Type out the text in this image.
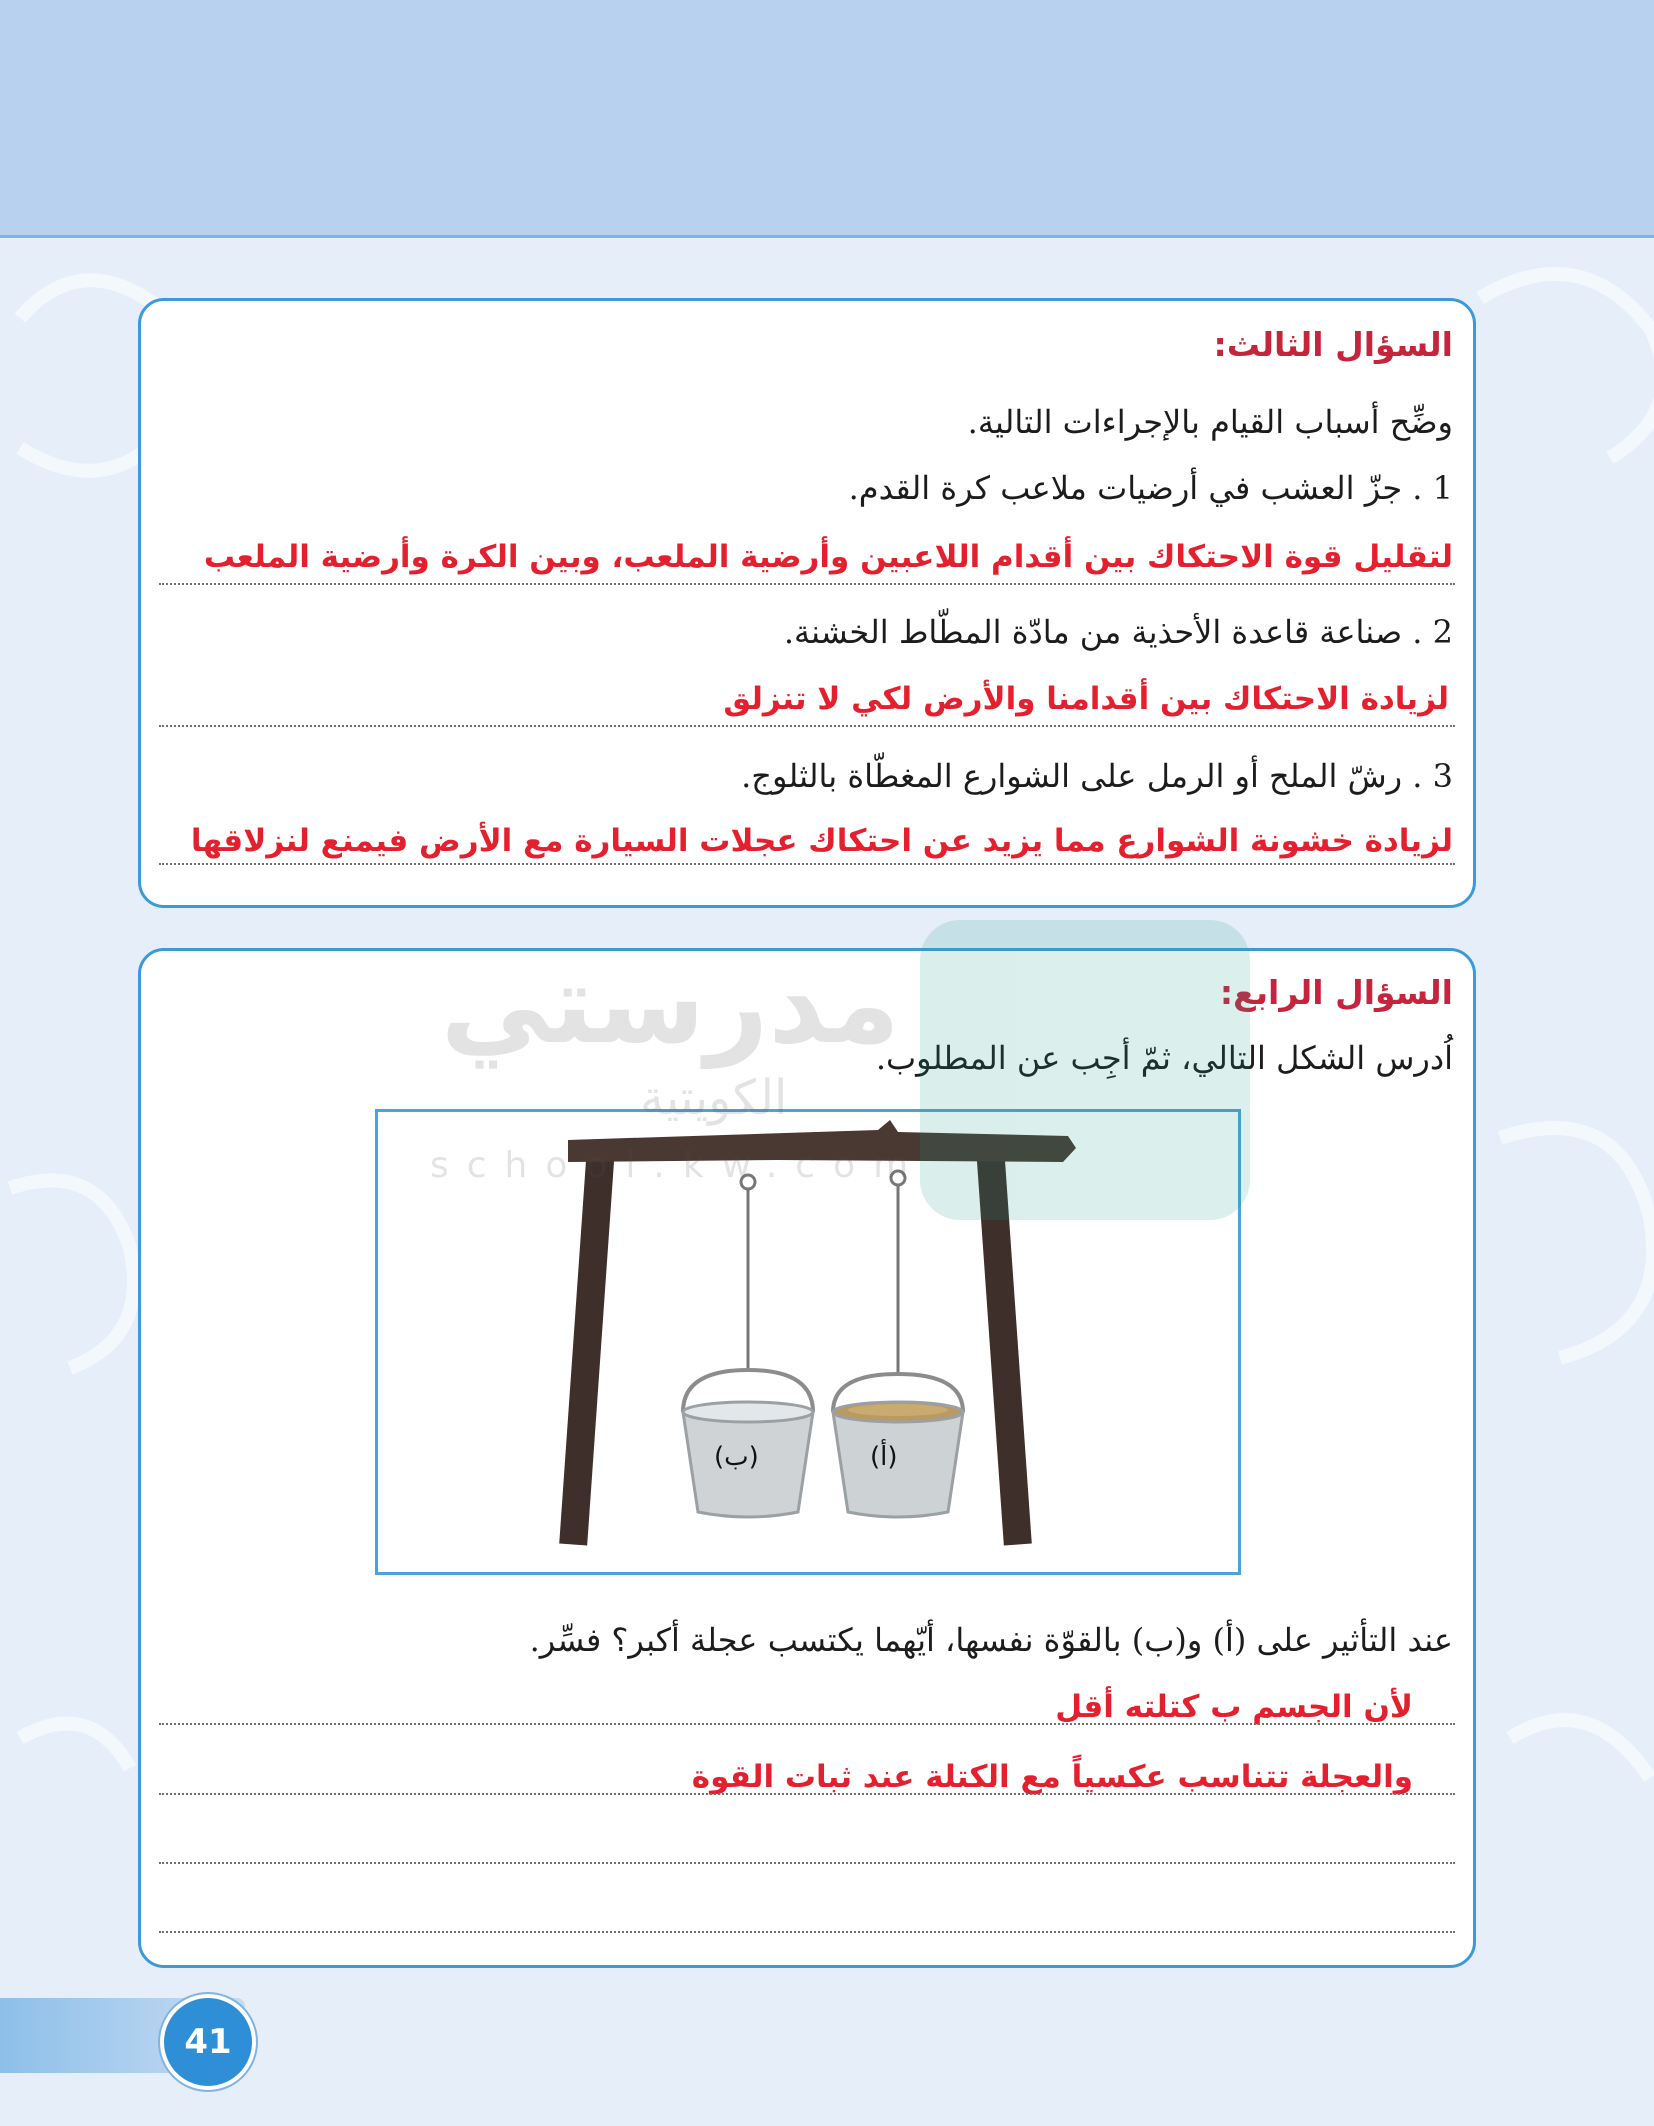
السؤال الثالث:
وضِّح أسباب القيام بالإجراءات التالية.
1 . جزّ العشب في أرضيات ملاعب كرة القدم.
لتقليل قوة الاحتكاك بين أقدام اللاعبين وأرضية الملعب، وبين الكرة وأرضية الملعب
2 . صناعة قاعدة الأحذية من مادّة المطّاط الخشنة.
لزيادة الاحتكاك بين أقدامنا والأرض لكي لا تنزلق
3 . رشّ الملح أو الرمل على الشوارع المغطّاة بالثلوج.
لزيادة خشونة الشوارع مما يزيد عن احتكاك عجلات السيارة مع الأرض فيمنع لنزلاقها
السؤال الرابع:
اُدرس الشكل التالي، ثمّ أجِب عن المطلوب.
(ب)	(أ)
عند التأثير على (أ) و(ب) بالقوّة نفسها، أيّهما يكتسب عجلة أكبر؟ فسِّر.
لأن الجسم ب كتلته أقل
والعجلة تتناسب عكسياً مع الكتلة عند ثبات القوة
41
